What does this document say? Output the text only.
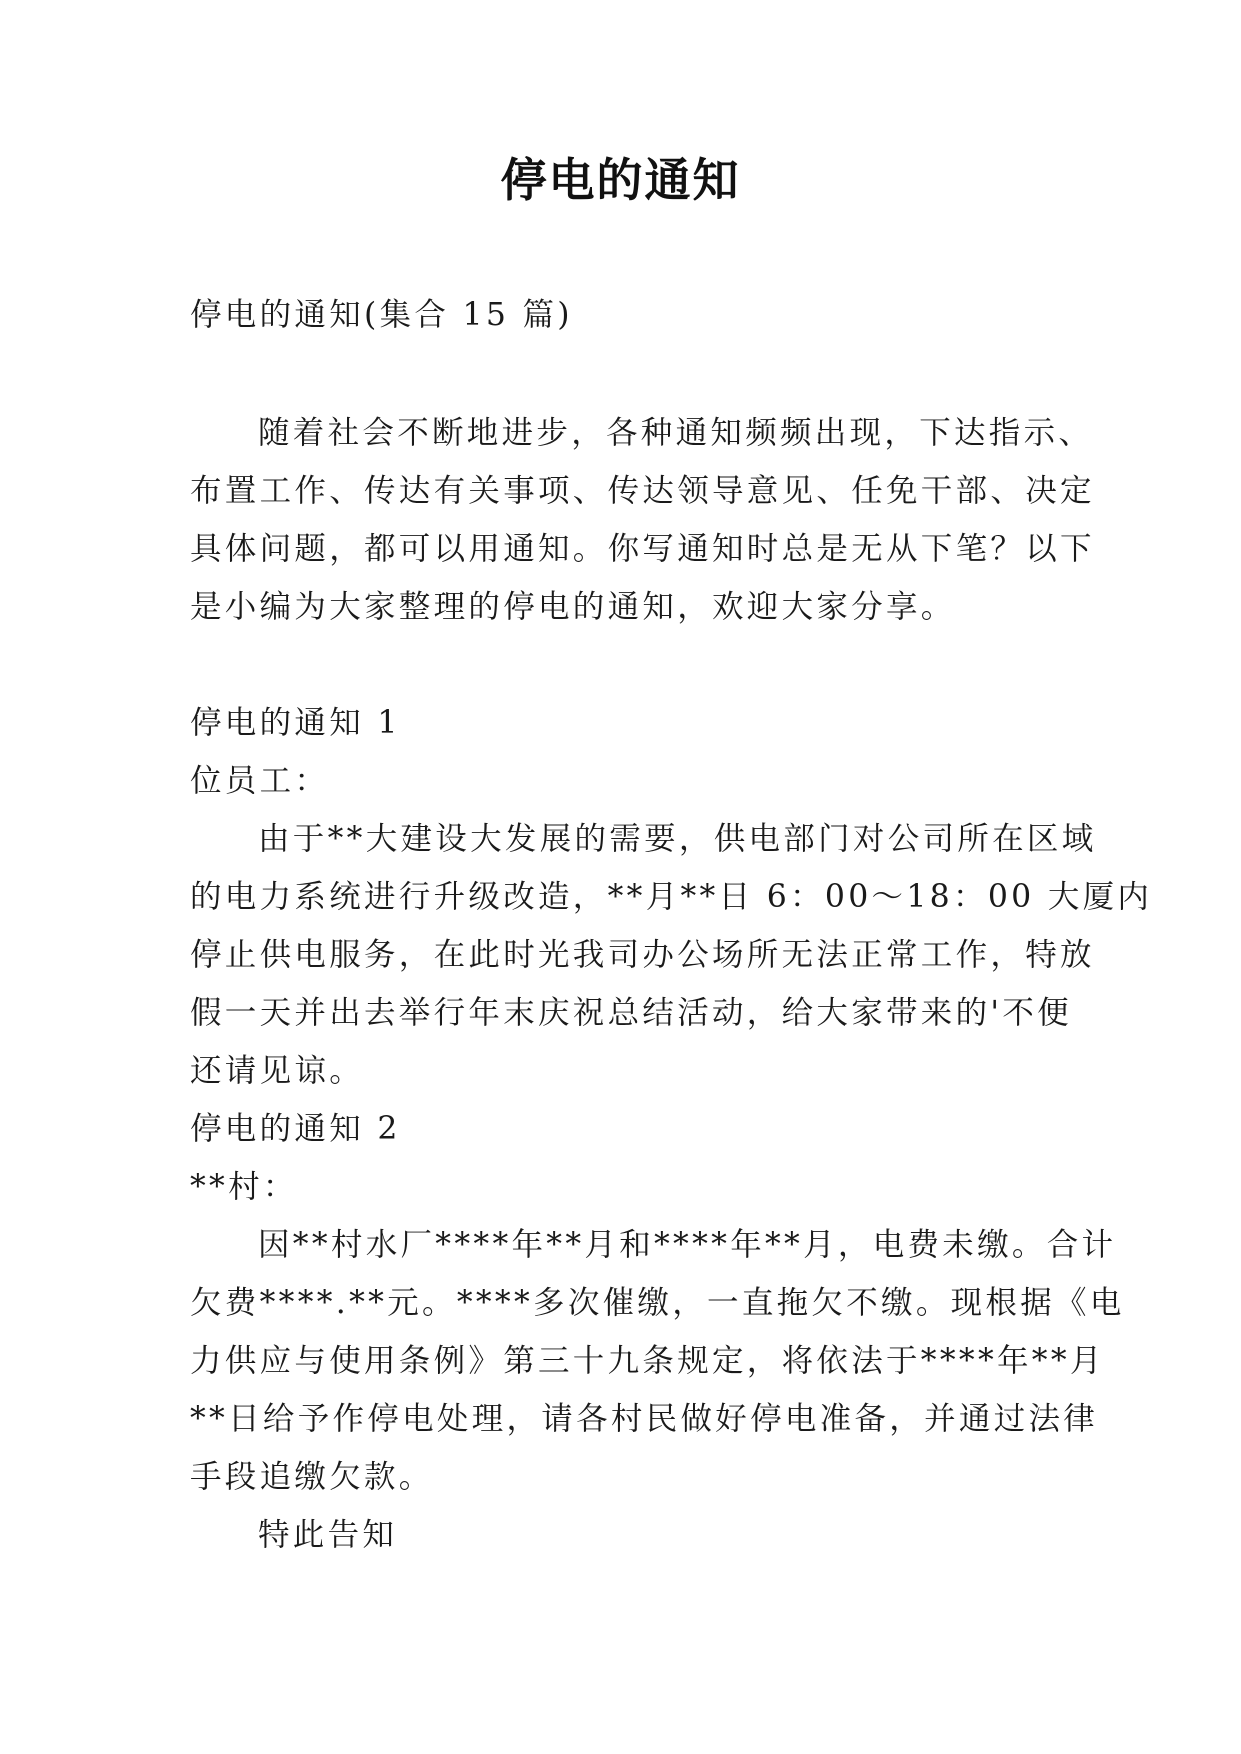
停电的通知
停电的通知(集合 15 篇)
随着社会不断地进步，各种通知频频出现，下达指示、
布置工作、传达有关事项、传达领导意见、任免干部、决定
具体问题，都可以用通知。你写通知时总是无从下笔？以下
是小编为大家整理的停电的通知，欢迎大家分享。
停电的通知 1
位员工：
由于**大建设大发展的需要，供电部门对公司所在区域
的电力系统进行升级改造，**月**日 6：00～18：00 大厦内
停止供电服务，在此时光我司办公场所无法正常工作，特放
假一天并出去举行年末庆祝总结活动，给大家带来的'不便
还请见谅。
停电的通知 2
**村：
因**村水厂****年**月和****年**月，电费未缴。合计
欠费****.**元。****多次催缴，一直拖欠不缴。现根据《电
力供应与使用条例》第三十九条规定，将依法于****年**月
**日给予作停电处理，请各村民做好停电准备，并通过法律
手段追缴欠款。
特此告知
